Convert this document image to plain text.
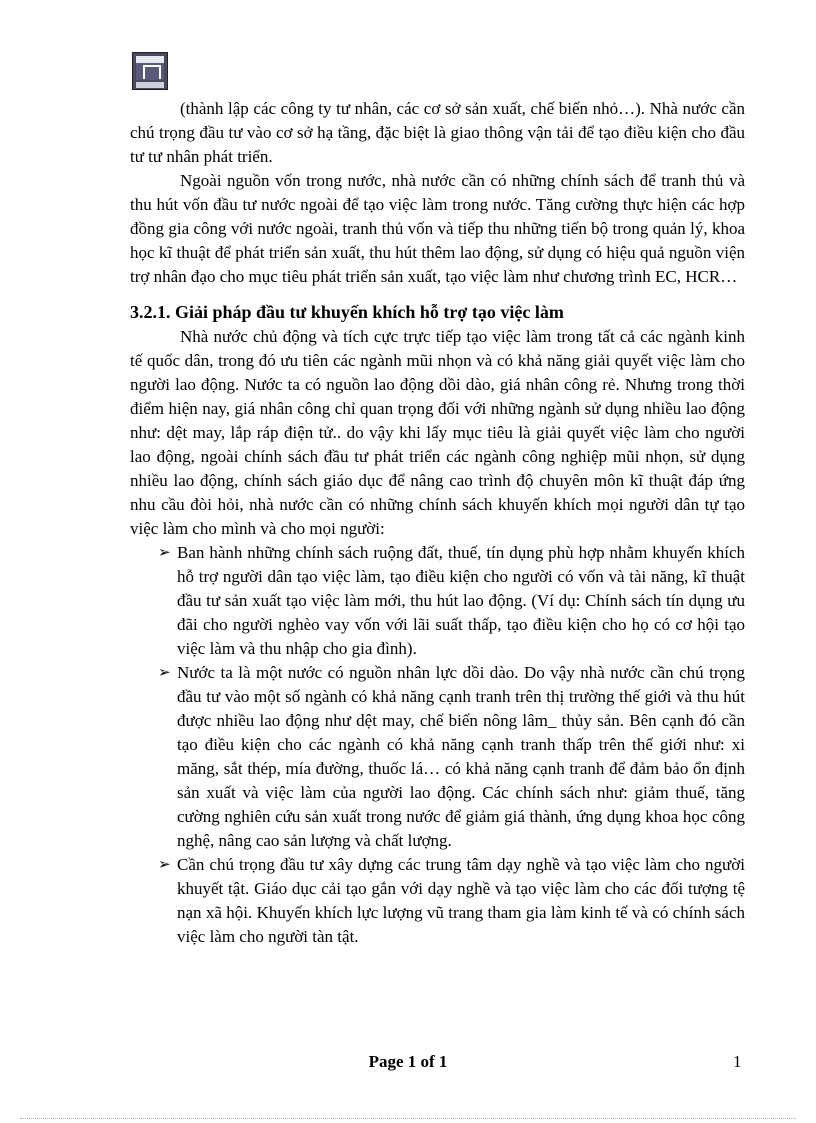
(thành lập các công ty tư nhân, các cơ sở sản xuất, chế biến nhỏ…). Nhà nước cần chú trọng đầu tư vào cơ sở hạ tầng, đặc biệt là giao thông vận tải để tạo điều kiện cho đầu tư tư nhân phát triển.

Ngoài nguồn vốn trong nước, nhà nước cần có những chính sách để tranh thủ và thu hút vốn đầu tư nước ngoài để tạo việc làm trong nước. Tăng cường thực hiện các hợp đồng gia công với nước ngoài, tranh thủ vốn và tiếp thu những tiến bộ trong quản lý, khoa học kĩ thuật để phát triển sản xuất, thu hút thêm lao động, sử dụng có hiệu quả nguồn viện trợ nhân đạo cho mục tiêu phát triển sản xuất, tạo việc làm như chương trình EC, HCR…

3.2.1. Giải pháp đầu tư khuyến khích hỗ trợ tạo việc làm

Nhà nước chủ động và tích cực trực tiếp tạo việc làm trong tất cả các ngành kinh tế quốc dân, trong đó ưu tiên các ngành mũi nhọn và có khả năng giải quyết việc làm cho người lao động. Nước ta có nguồn lao động dồi dào, giá nhân công rẻ. Nhưng trong thời điểm hiện nay, giá nhân công chỉ quan trọng đối với những ngành sử dụng nhiều lao động như: dệt may, lắp ráp điện tử.. do vậy khi lấy mục tiêu là giải quyết việc làm cho người lao động, ngoài chính sách đầu tư phát triển các ngành công nghiệp mũi nhọn, sử dụng nhiều lao động, chính sách giáo dục để nâng cao trình độ chuyên môn kĩ thuật đáp ứng nhu cầu đòi hỏi, nhà nước cần có những chính sách khuyến khích mọi người dân tự tạo việc làm cho mình và cho mọi người:

➢ Ban hành những chính sách ruộng đất, thuế, tín dụng phù hợp nhằm khuyến khích hỗ trợ người dân tạo việc làm, tạo điều kiện cho người có vốn và tài năng, kĩ thuật đầu tư sản xuất tạo việc làm mới, thu hút lao động. (Ví dụ: Chính sách tín dụng ưu đãi cho người nghèo vay vốn với lãi suất thấp, tạo điều kiện cho họ có cơ hội tạo việc làm và thu nhập cho gia đình).
➢ Nước ta là một nước có nguồn nhân lực dồi dào. Do vậy nhà nước cần chú trọng đầu tư vào một số ngành có khả năng cạnh tranh trên thị trường thế giới và thu hút được nhiều lao động như dệt may, chế biến nông lâm_ thủy sản. Bên cạnh đó cần tạo điều kiện cho các ngành có khả năng cạnh tranh thấp trên thế giới như: xi măng, sắt thép, mía đường, thuốc lá… có khả năng cạnh tranh để đảm bảo ổn định sản xuất và việc làm của người lao động. Các chính sách như: giảm thuế, tăng cường nghiên cứu sản xuất trong nước để giảm giá thành, ứng dụng khoa học công nghệ, nâng cao sản lượng và chất lượng.
➢ Cần chú trọng đầu tư xây dựng các trung tâm dạy nghề và tạo việc làm cho người khuyết tật. Giáo dục cải tạo gắn với dạy nghề và tạo việc làm cho các đối tượng tệ nạn xã hội. Khuyến khích lực lượng vũ trang tham gia làm kinh tế và có chính sách việc làm cho người tàn tật.
Page 1 of 1	1
